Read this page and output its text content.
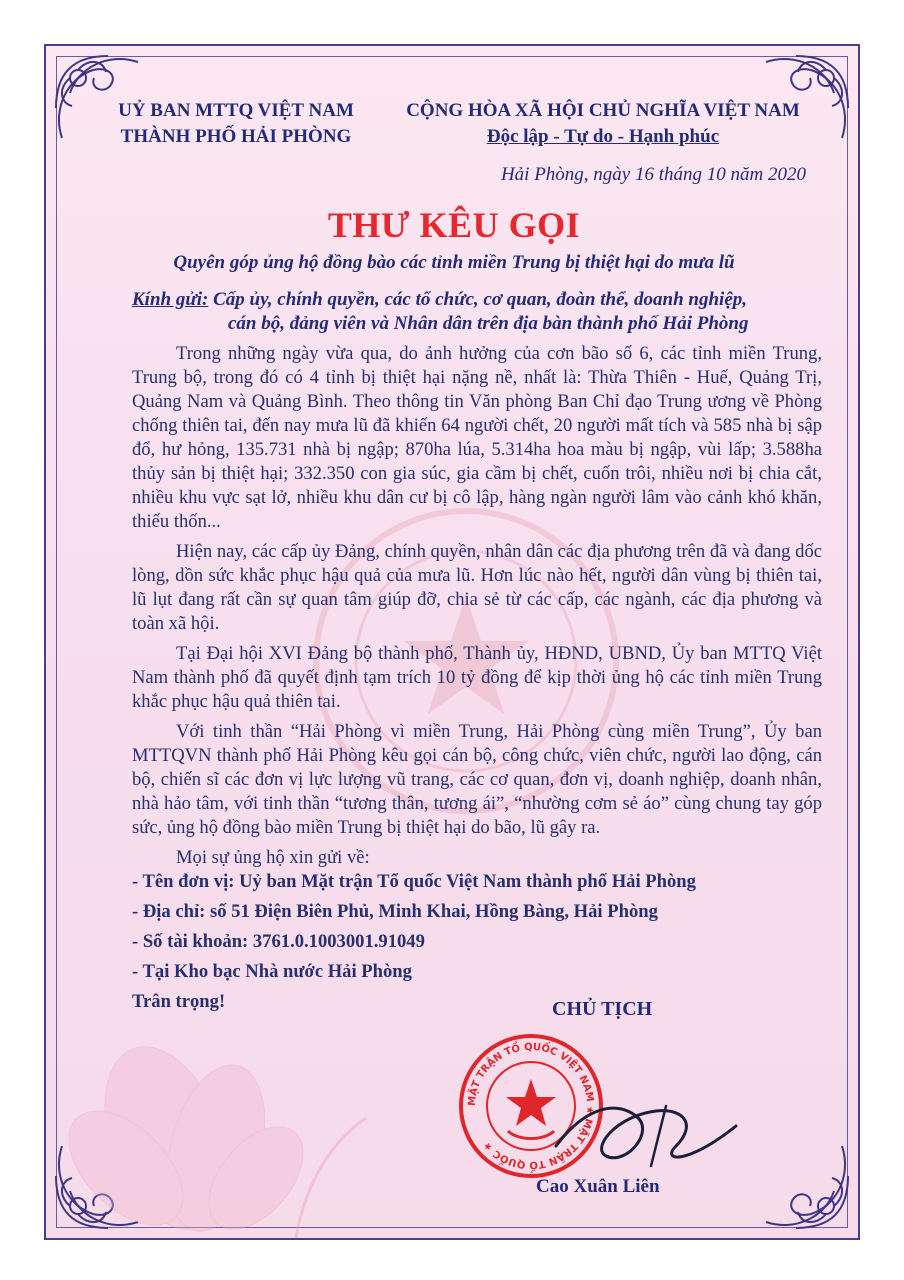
UỶ BAN MTTQ VIỆT NAM
THÀNH PHỐ HẢI PHÒNG
CỘNG HÒA XÃ HỘI CHỦ NGHĨA VIỆT NAM
Độc lập - Tự do - Hạnh phúc
Hải Phòng, ngày 16 tháng 10 năm 2020
THƯ KÊU GỌI
Quyên góp ủng hộ đồng bào các tỉnh miền Trung bị thiệt hại do mưa lũ
Kính gửi: Cấp ủy, chính quyền, các tổ chức, cơ quan, đoàn thể, doanh nghiệp,
cán bộ, đảng viên và Nhân dân trên địa bàn thành phố Hải Phòng

Trong những ngày vừa qua, do ảnh hưởng của cơn bão số 6, các tỉnh miền Trung, Trung bộ, trong đó có 4 tỉnh bị thiệt hại nặng nề, nhất là: Thừa Thiên - Huế, Quảng Trị, Quảng Nam và Quảng Bình. Theo thông tin Văn phòng Ban Chỉ đạo Trung ương về Phòng chống thiên tai, đến nay mưa lũ đã khiến 64 người chết, 20 người mất tích và 585 nhà bị sập đổ, hư hỏng, 135.731 nhà bị ngập; 870ha lúa, 5.314ha hoa màu bị ngập, vùi lấp; 3.588ha thủy sản bị thiệt hại; 332.350 con gia súc, gia cầm bị chết, cuốn trôi, nhiều nơi bị chia cắt, nhiều khu vực sạt lở, nhiều khu dân cư bị cô lập, hàng ngàn người lâm vào cảnh khó khăn, thiếu thốn...

Hiện nay, các cấp ủy Đảng, chính quyền, nhân dân các địa phương trên đã và đang dốc lòng, dồn sức khắc phục hậu quả của mưa lũ. Hơn lúc nào hết, người dân vùng bị thiên tai, lũ lụt đang rất cần sự quan tâm giúp đỡ, chia sẻ từ các cấp, các ngành, các địa phương và toàn xã hội.

Tại Đại hội XVI Đảng bộ thành phố, Thành ủy, HĐND, UBND, Ủy ban MTTQ Việt Nam thành phố đã quyết định tạm trích 10 tỷ đồng để kịp thời ủng hộ các tỉnh miền Trung khắc phục hậu quả thiên tai.

Với tinh thần “Hải Phòng vì miền Trung, Hải Phòng cùng miền Trung”, Ủy ban MTTQVN thành phố Hải Phòng kêu gọi cán bộ, công chức, viên chức, người lao động, cán bộ, chiến sĩ các đơn vị lực lượng vũ trang, các cơ quan, đơn vị, doanh nghiệp, doanh nhân, nhà hảo tâm, với tinh thần “tương thân, tương ái”, “nhường cơm sẻ áo” cùng chung tay góp sức, ủng hộ đồng bào miền Trung bị thiệt hại do bão, lũ gây ra.

Mọi sự ủng hộ xin gửi về:

- Tên đơn vị: Uỷ ban Mặt trận Tổ quốc Việt Nam thành phố Hải Phòng

- Địa chỉ: số 51 Điện Biên Phủ, Minh Khai, Hồng Bàng, Hải Phòng

- Số tài khoản: 3761.0.1003001.91049

- Tại Kho bạc Nhà nước Hải Phòng

Trân trọng!	CHỦ TỊCH
MẶT TRẬN TỔ QUỐC VIỆT NAM ★ MẶT TRẬN TỔ QUỐC ★
Cao Xuân Liên
